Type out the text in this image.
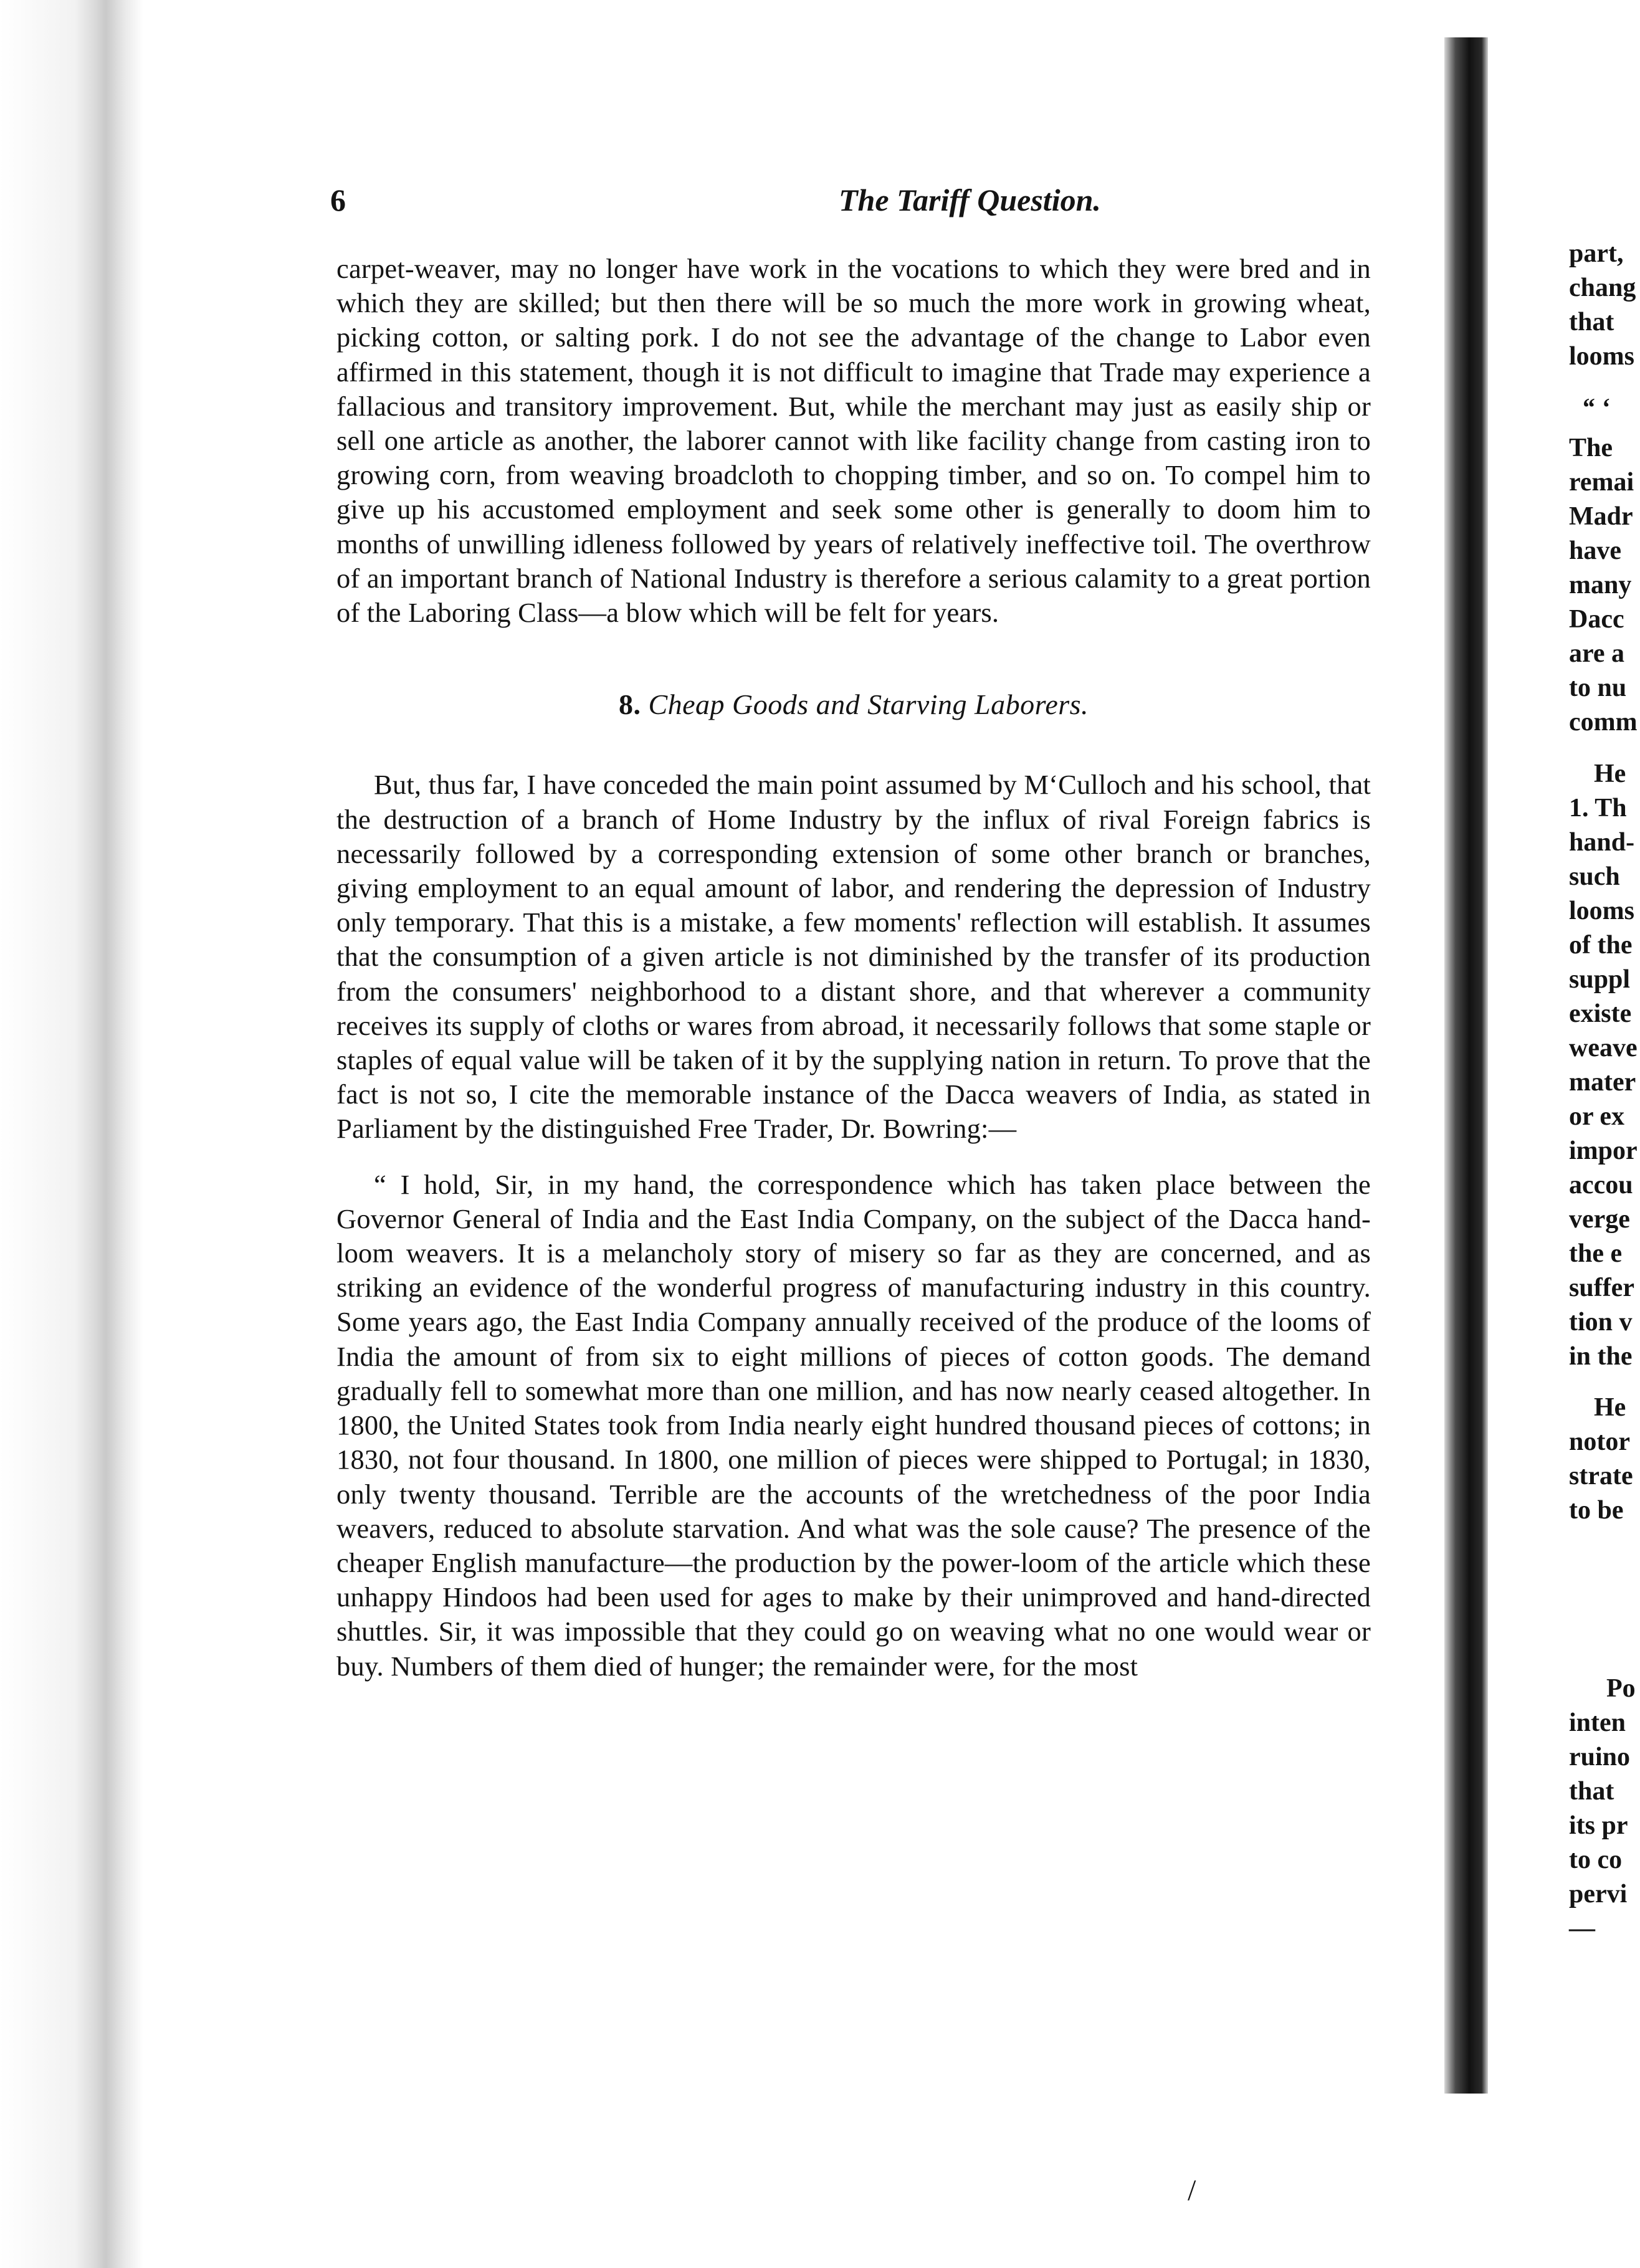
6	The Tariff Question.

carpet-weaver, may no longer have work in the vocations to which they were bred and in which they are skilled; but then there will be so much the more work in growing wheat, picking cotton, or salting pork. I do not see the advantage of the change to Labor even affirmed in this statement, though it is not difficult to imagine that Trade may experience a fallacious and transitory improvement. But, while the merchant may just as easily ship or sell one article as another, the laborer cannot with like facility change from casting iron to growing corn, from weaving broadcloth to chopping timber, and so on. To compel him to give up his accustomed employment and seek some other is generally to doom him to months of unwilling idleness followed by years of relatively ineffective toil. The overthrow of an important branch of National Industry is therefore a serious calamity to a great portion of the Laboring Class—a blow which will be felt for years.

8. Cheap Goods and Starving Laborers.

But, thus far, I have conceded the main point assumed by M‘Culloch and his school, that the destruction of a branch of Home Industry by the influx of rival Foreign fabrics is necessarily followed by a corresponding extension of some other branch or branches, giving employment to an equal amount of labor, and rendering the depression of Industry only temporary. That this is a mistake, a few moments' reflection will establish. It assumes that the consumption of a given article is not diminished by the transfer of its production from the consumers' neighborhood to a distant shore, and that wherever a community receives its supply of cloths or wares from abroad, it necessarily follows that some staple or staples of equal value will be taken of it by the supplying nation in return. To prove that the fact is not so, I cite the memorable instance of the Dacca weavers of India, as stated in Parliament by the distinguished Free Trader, Dr. Bowring:—

“ I hold, Sir, in my hand, the correspondence which has taken place between the Governor General of India and the East India Company, on the subject of the Dacca hand-loom weavers. It is a melancholy story of misery so far as they are concerned, and as striking an evidence of the wonderful progress of manufacturing industry in this country. Some years ago, the East India Company annually received of the produce of the looms of India the amount of from six to eight millions of pieces of cotton goods. The demand gradually fell to somewhat more than one million, and has now nearly ceased altogether. In 1800, the United States took from India nearly eight hundred thousand pieces of cottons; in 1830, not four thousand. In 1800, one million of pieces were shipped to Portugal; in 1830, only twenty thousand. Terrible are the accounts of the wretchedness of the poor India weavers, reduced to absolute starvation. And what was the sole cause? The presence of the cheaper English manufacture—the production by the power-loom of the article which these unhappy Hindoos had been used for ages to make by their unimproved and hand-directed shuttles. Sir, it was impossible that they could go on weaving what no one would wear or buy. Numbers of them died of hunger; the remainder were, for the most

part,
chang
that
looms
“ ‘
The
remai
Madr
have
many
Dacc
are a
to nu
comm
He
1. Th
hand-
such
looms
of the
suppl
existe
weave
mater
or ex
impor
accou
verge
the e
suffer
tion v
in the
He
notor
strate
to be
Po
inten
ruino
that
its pr
to co
pervi
—
/
